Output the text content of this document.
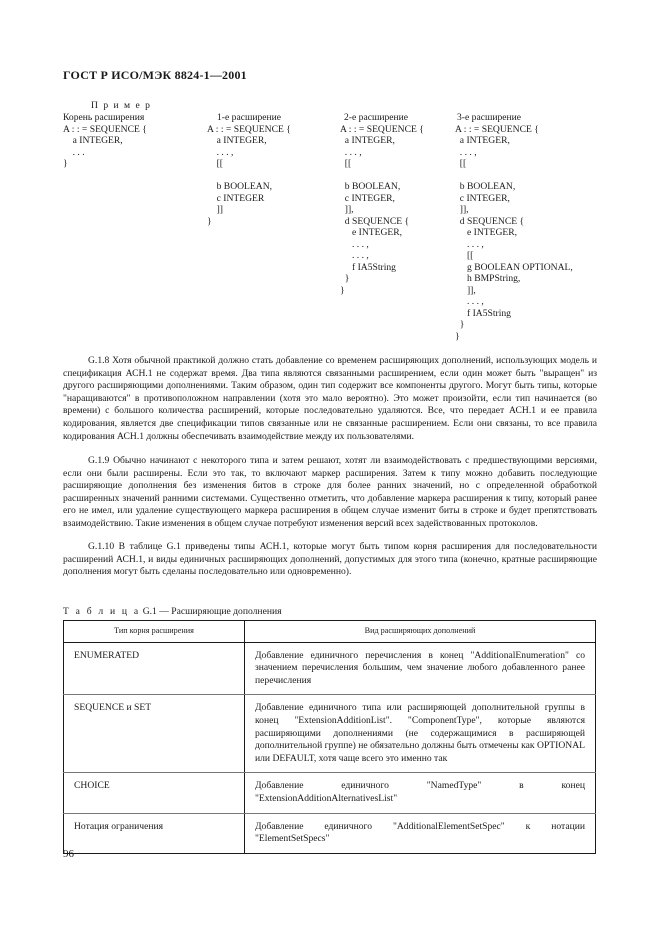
ГОСТ Р ИСО/МЭК 8824-1—2001
П р и м е р
Корень расширения
A : : = SEQUENCE {
a INTEGER,
. . .
}
1-е расширение
A : : = SEQUENCE {
a INTEGER,
. . . ,
[[
b BOOLEAN,
c INTEGER
]]
}
2-е расширение
A : : = SEQUENCE {
a INTEGER,
. . . ,
[[
b BOOLEAN,
c INTEGER,
]],
d SEQUENCE {
e INTEGER,
. . . ,
. . . ,
f IA5String
}
}
3-е расширение
A : : = SEQUENCE {
a INTEGER,
. . . ,
[[
b BOOLEAN,
c INTEGER,
]],
d SEQUENCE {
e INTEGER,
. . . ,
[[
g BOOLEAN OPTIONAL,
h BMPString,
]],
. . . ,
f IA5String
}
}

G.1.8 Хотя обычной практикой должно стать добавление со временем расширяющих дополнений, использующих модель и спецификация АСН.1 не содержат время. Два типа являются связанными расширением, если один может быть "выращен" из другого расширяющими дополнениями. Таким образом, один тип содержит все компоненты другого. Могут быть типы, которые "наращиваются" в противоположном направлении (хотя это мало вероятно). Это может произойти, если тип начинается (во времени) с большого количества расширений, которые последовательно удаляются. Все, что передает АСН.1 и ее правила кодирования, является две спецификации типов связанные или не связанные расширением. Если они связаны, то все правила кодирования АСН.1 должны обеспечивать взаимодействие между их пользователями.

G.1.9 Обычно начинают с некоторого типа и затем решают, хотят ли взаимодействовать с предшествующими версиями, если они были расширены. Если это так, то включают маркер расширения. Затем к типу можно добавить последующие расширяющие дополнения без изменения битов в строке для более ранних значений, но с определенной обработкой расширенных значений ранними системами. Существенно отметить, что добавление маркера расширения к типу, который ранее его не имел, или удаление существующего маркера расширения в общем случае изменит биты в строке и будет препятствовать взаимодействию. Такие изменения в общем случае потребуют изменения версий всех задействованных протоколов.

G.1.10 В таблице G.1 приведены типы АСН.1, которые могут быть типом корня расширения для последовательности расширений АСН.1, и виды единичных расширяющих дополнений, допустимых для этого типа (конечно, кратные расширяющие дополнения могут быть сделаны последовательно или одновременно).

Т а б л и ц а G.1 — Расширяющие дополнения
Тип корня расширения	Вид расширяющих дополнений
ENUMERATED	Добавление единичного перечисления в конец "AdditionalEnumeration" со значением перечисления большим, чем значение любого добавленного ранее перечисления
SEQUENCE и SET	Добавление единичного типа или расширяющей дополнительной группы в конец "ExtensionAdditionList". "ComponentType", которые являются расширяющими дополнениями (не содержащимися в расширяющей дополнительной группе) не обязательно должны быть отмечены как OPTIONAL или DEFAULT, хотя чаще всего это именно так
CHOICE	Добавление единичного "NamedType" в конец "ExtensionAdditionAlternativesList"
Нотация ограничения	Добавление единичного "AdditionalElementSetSpec" к нотации "ElementSetSpecs"
96
